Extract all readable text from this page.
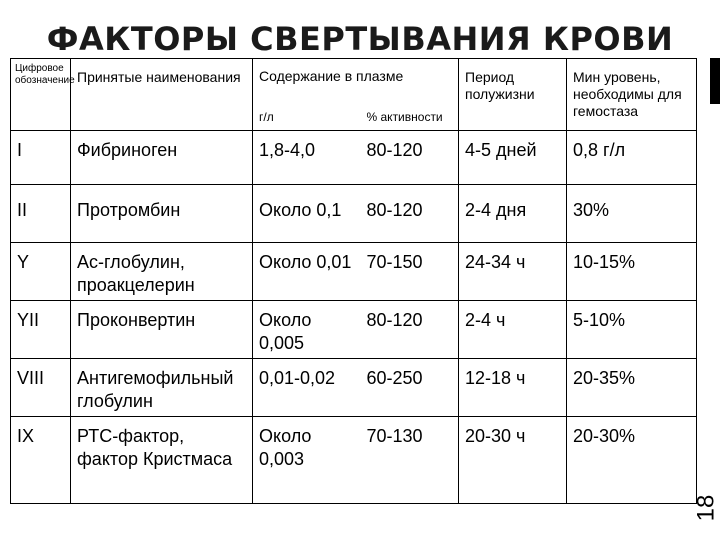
ФАКТОРЫ СВЕРТЫВАНИЯ КРОВИ
18
Цифровое обозначение	Принятые наименования	Содержание в плазме		Период полужизни	Мин уровень, необходимы для гемостаза
		г/л	% активности		
I	Фибриноген	1,8-4,0	80-120	4-5 дней	0,8 г/л
II	Протромбин	Около 0,1	80-120	2-4 дня	30%
Y	Ас-глобулин, проакцелерин	Около 0,01	70-150	24-34 ч	10-15%
YII	Проконвертин	Около 0,005	80-120	2-4 ч	5-10%
VIII	Антигемофильный глобулин	0,01-0,02	60-250	12-18 ч	20-35%
IX	РТС-фактор, фактор Кристмаса	Около 0,003	70-130	20-30 ч	20-30%
